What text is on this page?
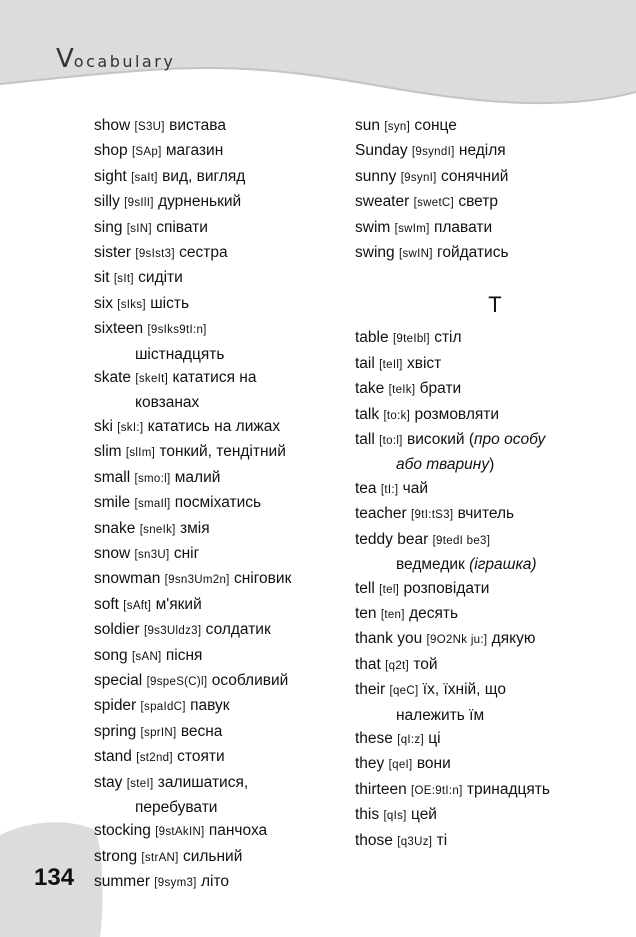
Vocabulary
134
show [S3U] вистава
shop [SAp] магазин
sight [saIt] вид, вигляд
silly [9sIlI] дурненький
sing [sIN] співати
sister [9sIst3] сестра
sit [sIt] сидіти
six [sIks] шість
sixteen [9sIks9tI:n]
шістнадцять
skate [skeIt] кататися на
ковзанах
ski [skI:] кататись на лижах
slim [slIm] тонкий, тендітний
small [smo:l] малий
smile [smaIl] посміхатись
snake [sneIk] змія
snow [sn3U] сніг
snowman [9sn3Um2n] сніговик
soft [sAft] м'який
soldier [9s3Uldz3] солдатик
song [sAN] пісня
special [9speS(C)l] особливий
spider [spaIdC] павук
spring [sprIN] весна
stand [st2nd] стояти
stay [steI] залишатися,
перебувати
stocking [9stAkIN] панчоха
strong [strAN] сильний
summer [9sym3] літо
sun [syn] сонце
Sunday [9syndI] неділя
sunny [9synI] сонячний
sweater [swetC] светр
swim [swIm] плавати
swing [swIN] гойдатись
T
table [9teIbl] стіл
tail [teIl] хвіст
take [teIk] брати
talk [to:k] розмовляти
tall [to:l] високий (про особу
або тварину)
tea [tI:] чай
teacher [9tI:tS3] вчитель
teddy bear [9tedI be3]
ведмедик (іграшка)
tell [tel] розповідати
ten [ten] десять
thank you [9O2Nk ju:] дякую
that [q2t] той
their [qeC] їх, їхній, що
належить їм
these [qI:z] ці
they [qeI] вони
thirteen [OE:9tI:n] тринадцять
this [qIs] цей
those [q3Uz] ті
